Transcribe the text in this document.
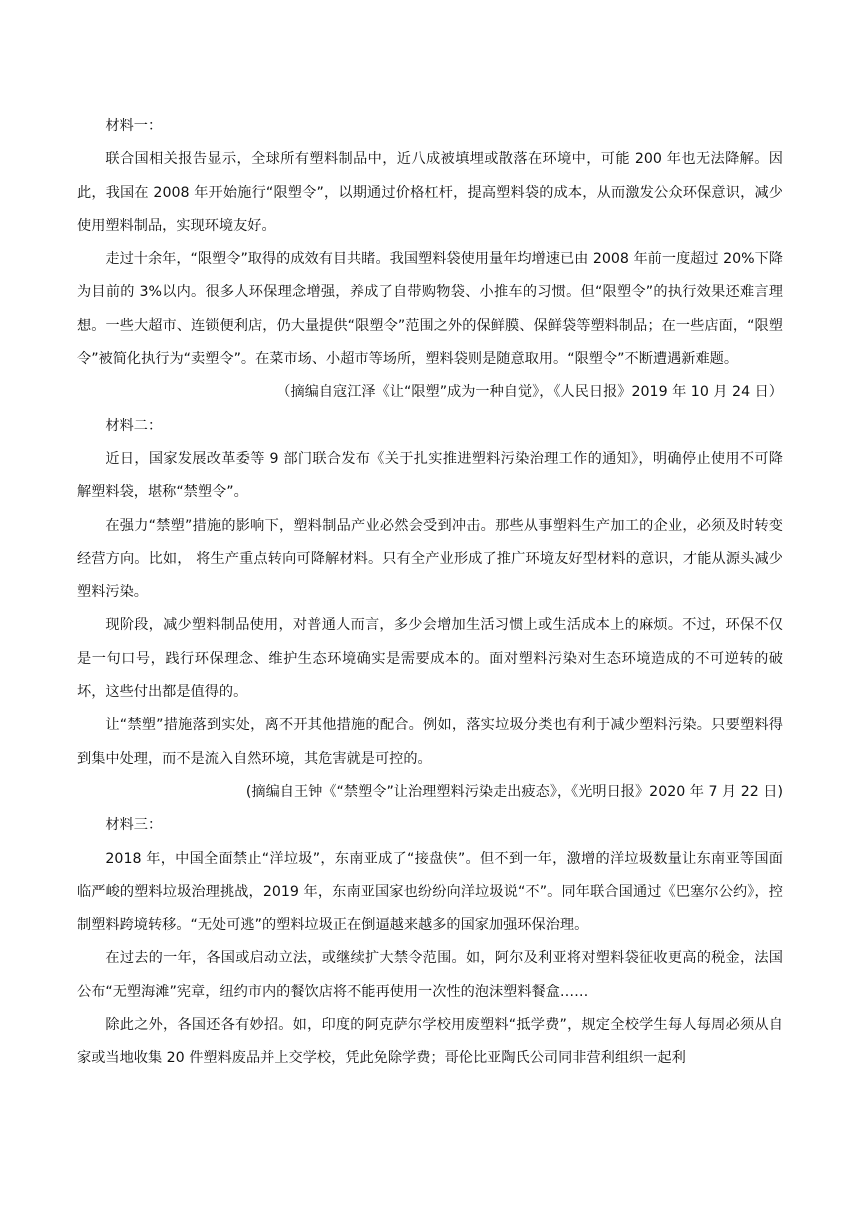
材料一：

联合国相关报告显示，全球所有塑料制品中，近八成被填埋或散落在环境中，可能 200 年也无法降解。因此，我国在 2008 年开始施行“限塑令”，以期通过价格杠杆，提高塑料袋的成本，从而激发公众环保意识，减少使用塑料制品，实现环境友好。

走过十余年，“限塑令”取得的成效有目共睹。我国塑料袋使用量年均增速已由 2008 年前一度超过 20%下降为目前的 3%以内。很多人环保理念增强，养成了自带购物袋、小推车的习惯。但“限塑令”的执行效果还难言理想。一些大超市、连锁便利店，仍大量提供“限塑令”范围之外的保鲜膜、保鲜袋等塑料制品；在一些店面，“限塑令”被简化执行为“卖塑令”。在菜市场、小超市等场所，塑料袋则是随意取用。“限塑令”不断遭遇新难题。

（摘编自寇江泽《让“限塑”成为一种自觉》，《人民日报》2019 年 10 月 24 日）

材料二：

近日，国家发展改革委等 9 部门联合发布《关于扎实推进塑料污染治理工作的通知》，明确停止使用不可降解塑料袋，堪称“禁塑令”。

在强力“禁塑”措施的影响下，塑料制品产业必然会受到冲击。那些从事塑料生产加工的企业，必须及时转变经营方向。比如， 将生产重点转向可降解材料。只有全产业形成了推广环境友好型材料的意识，才能从源头减少塑料污染。

现阶段，减少塑料制品使用，对普通人而言，多少会增加生活习惯上或生活成本上的麻烦。不过，环保不仅是一句口号，践行环保理念、维护生态环境确实是需要成本的。面对塑料污染对生态环境造成的不可逆转的破坏，这些付出都是值得的。

让“禁塑”措施落到实处，离不开其他措施的配合。例如，落实垃圾分类也有利于减少塑料污染。只要塑料得到集中处理，而不是流入自然环境，其危害就是可控的。

(摘编自王钟《“禁塑令”让治理塑料污染走出疲态》，《光明日报》2020 年 7 月 22 日)

材料三：

2018 年，中国全面禁止“洋垃圾”，东南亚成了“接盘侠”。但不到一年，激增的洋垃圾数量让东南亚等国面临严峻的塑料垃圾治理挑战，2019 年，东南亚国家也纷纷向洋垃圾说“不”。同年联合国通过《巴塞尔公约》，控制塑料跨境转移。“无处可逃”的塑料垃圾正在倒逼越来越多的国家加强环保治理。

在过去的一年，各国或启动立法，或继续扩大禁令范围。如，阿尔及利亚将对塑料袋征收更高的税金，法国公布“无塑海滩”宪章，纽约市内的餐饮店将不能再使用一次性的泡沫塑料餐盒……

除此之外，各国还各有妙招。如，印度的阿克萨尔学校用废塑料“抵学费”，规定全校学生每人每周必须从自家或当地收集 20 件塑料废品并上交学校，凭此免除学费；哥伦比亚陶氏公司同非营利组织一起利
